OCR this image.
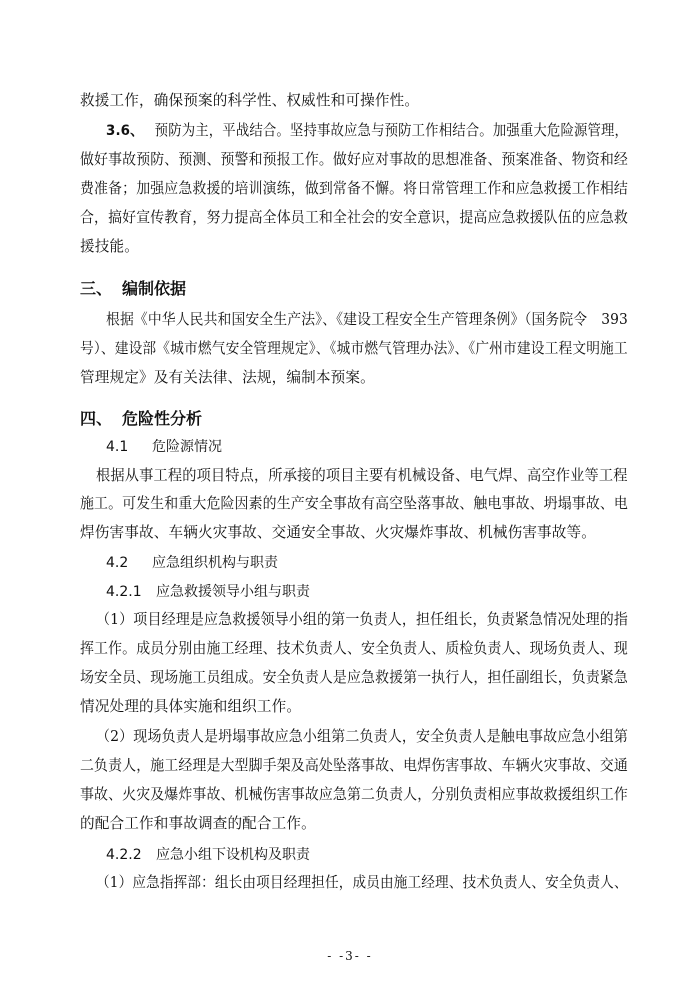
救援工作，确保预案的科学性、权威性和可操作性。
3.6、 预防为主，平战结合。坚持事故应急与预防工作相结合。加强重大危险源管理，
做好事故预防、预测、预警和预报工作。做好应对事故的思想准备、预案准备、物资和经
费准备；加强应急救援的培训演练，做到常备不懈。将日常管理工作和应急救援工作相结
合，搞好宣传教育，努力提高全体员工和全社会的安全意识，提高应急救援队伍的应急救
援技能。
三、 编制依据
根据《中华人民共和国安全生产法》、《建设工程安全生产管理条例》（国务院令　393
号）、建设部《城市燃气安全管理规定》、《城市燃气管理办法》、《广州市建设工程文明施工
管理规定》及有关法律、法规，编制本预案。
四、 危险性分析
4.1 危险源情况
根据从事工程的项目特点，所承接的项目主要有机械设备、电气焊、高空作业等工程
施工。可发生和重大危险因素的生产安全事故有高空坠落事故、触电事故、坍塌事故、电
焊伤害事故、车辆火灾事故、交通安全事故、火灾爆炸事故、机械伤害事故等。
4.2 应急组织机构与职责
4.2.1 应急救援领导小组与职责
（1）项目经理是应急救援领导小组的第一负责人，担任组长，负责紧急情况处理的指
挥工作。成员分别由施工经理、技术负责人、安全负责人、质检负责人、现场负责人、现
场安全员、现场施工员组成。安全负责人是应急救援第一执行人，担任副组长，负责紧急
情况处理的具体实施和组织工作。
（2）现场负责人是坍塌事故应急小组第二负责人，安全负责人是触电事故应急小组第
二负责人，施工经理是大型脚手架及高处坠落事故、电焊伤害事故、车辆火灾事故、交通
事故、火灾及爆炸事故、机械伤害事故应急第二负责人，分别负责相应事故救援组织工作
的配合工作和事故调查的配合工作。
4.2.2 应急小组下设机构及职责
（1）应急指挥部：组长由项目经理担任，成员由施工经理、技术负责人、安全负责人、
- -3- -
